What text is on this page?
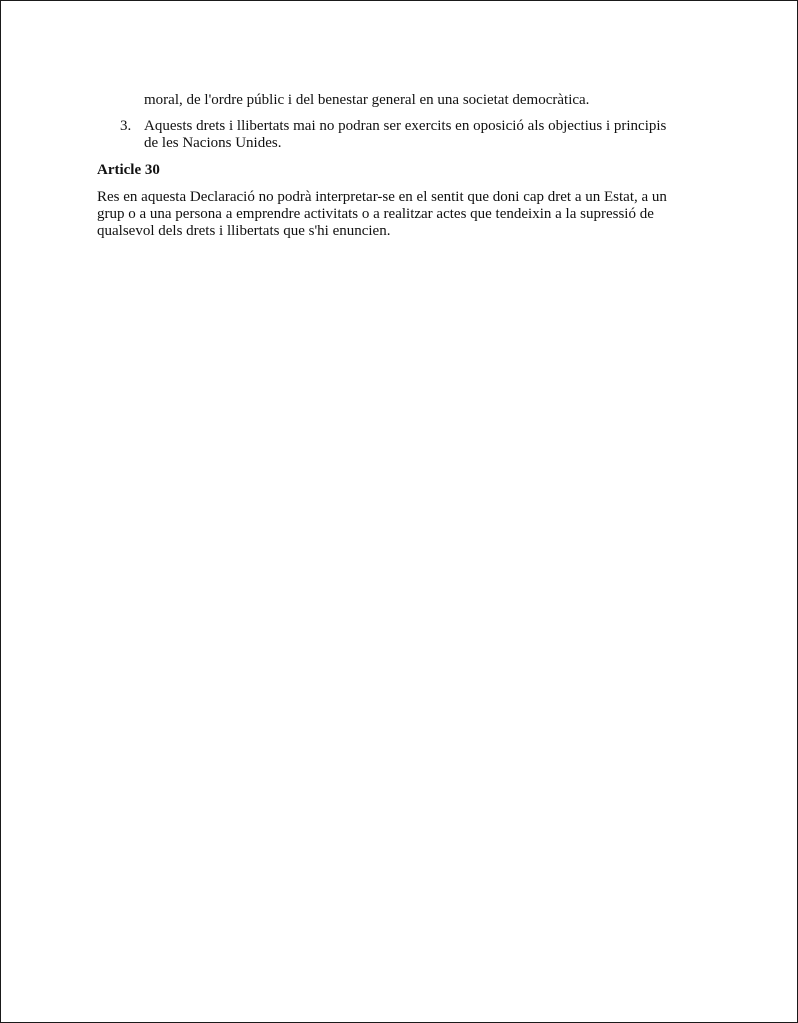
moral, de l'ordre públic i del benestar general en una societat democràtica.
3. Aquests drets i llibertats mai no podran ser exercits en oposició als objectius i principis
de les Nacions Unides.
Article 30
Res en aquesta Declaració no podrà interpretar-se en el sentit que doni cap dret a un Estat, a un
grup o a una persona a emprendre activitats o a realitzar actes que tendeixin a la supressió de
qualsevol dels drets i llibertats que s'hi enuncien.
